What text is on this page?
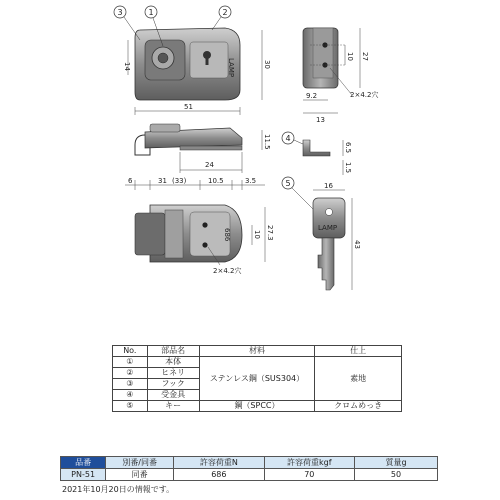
LAMP
14	30
51
1	2
3
10 27
9.2
13
2×4.2穴
11.5
24
6	31 (33)	10.5	3.5
4
6.5
1.5
686	10 27.3
2×4.2穴
5
LAMP
16
43
No.	部品名	材料	仕上
①	本体	ステンレス鋼（SUS304）	素地
②	ヒネリ		
③	フック		
④	受金具		
⑤	キー	鋼（SPCC）	クロムめっき
品番	別番/同番	許容荷重N	許容荷重kgf	質量g
PN-51	同番	686	70	50
2021年10月20日の情報です。
